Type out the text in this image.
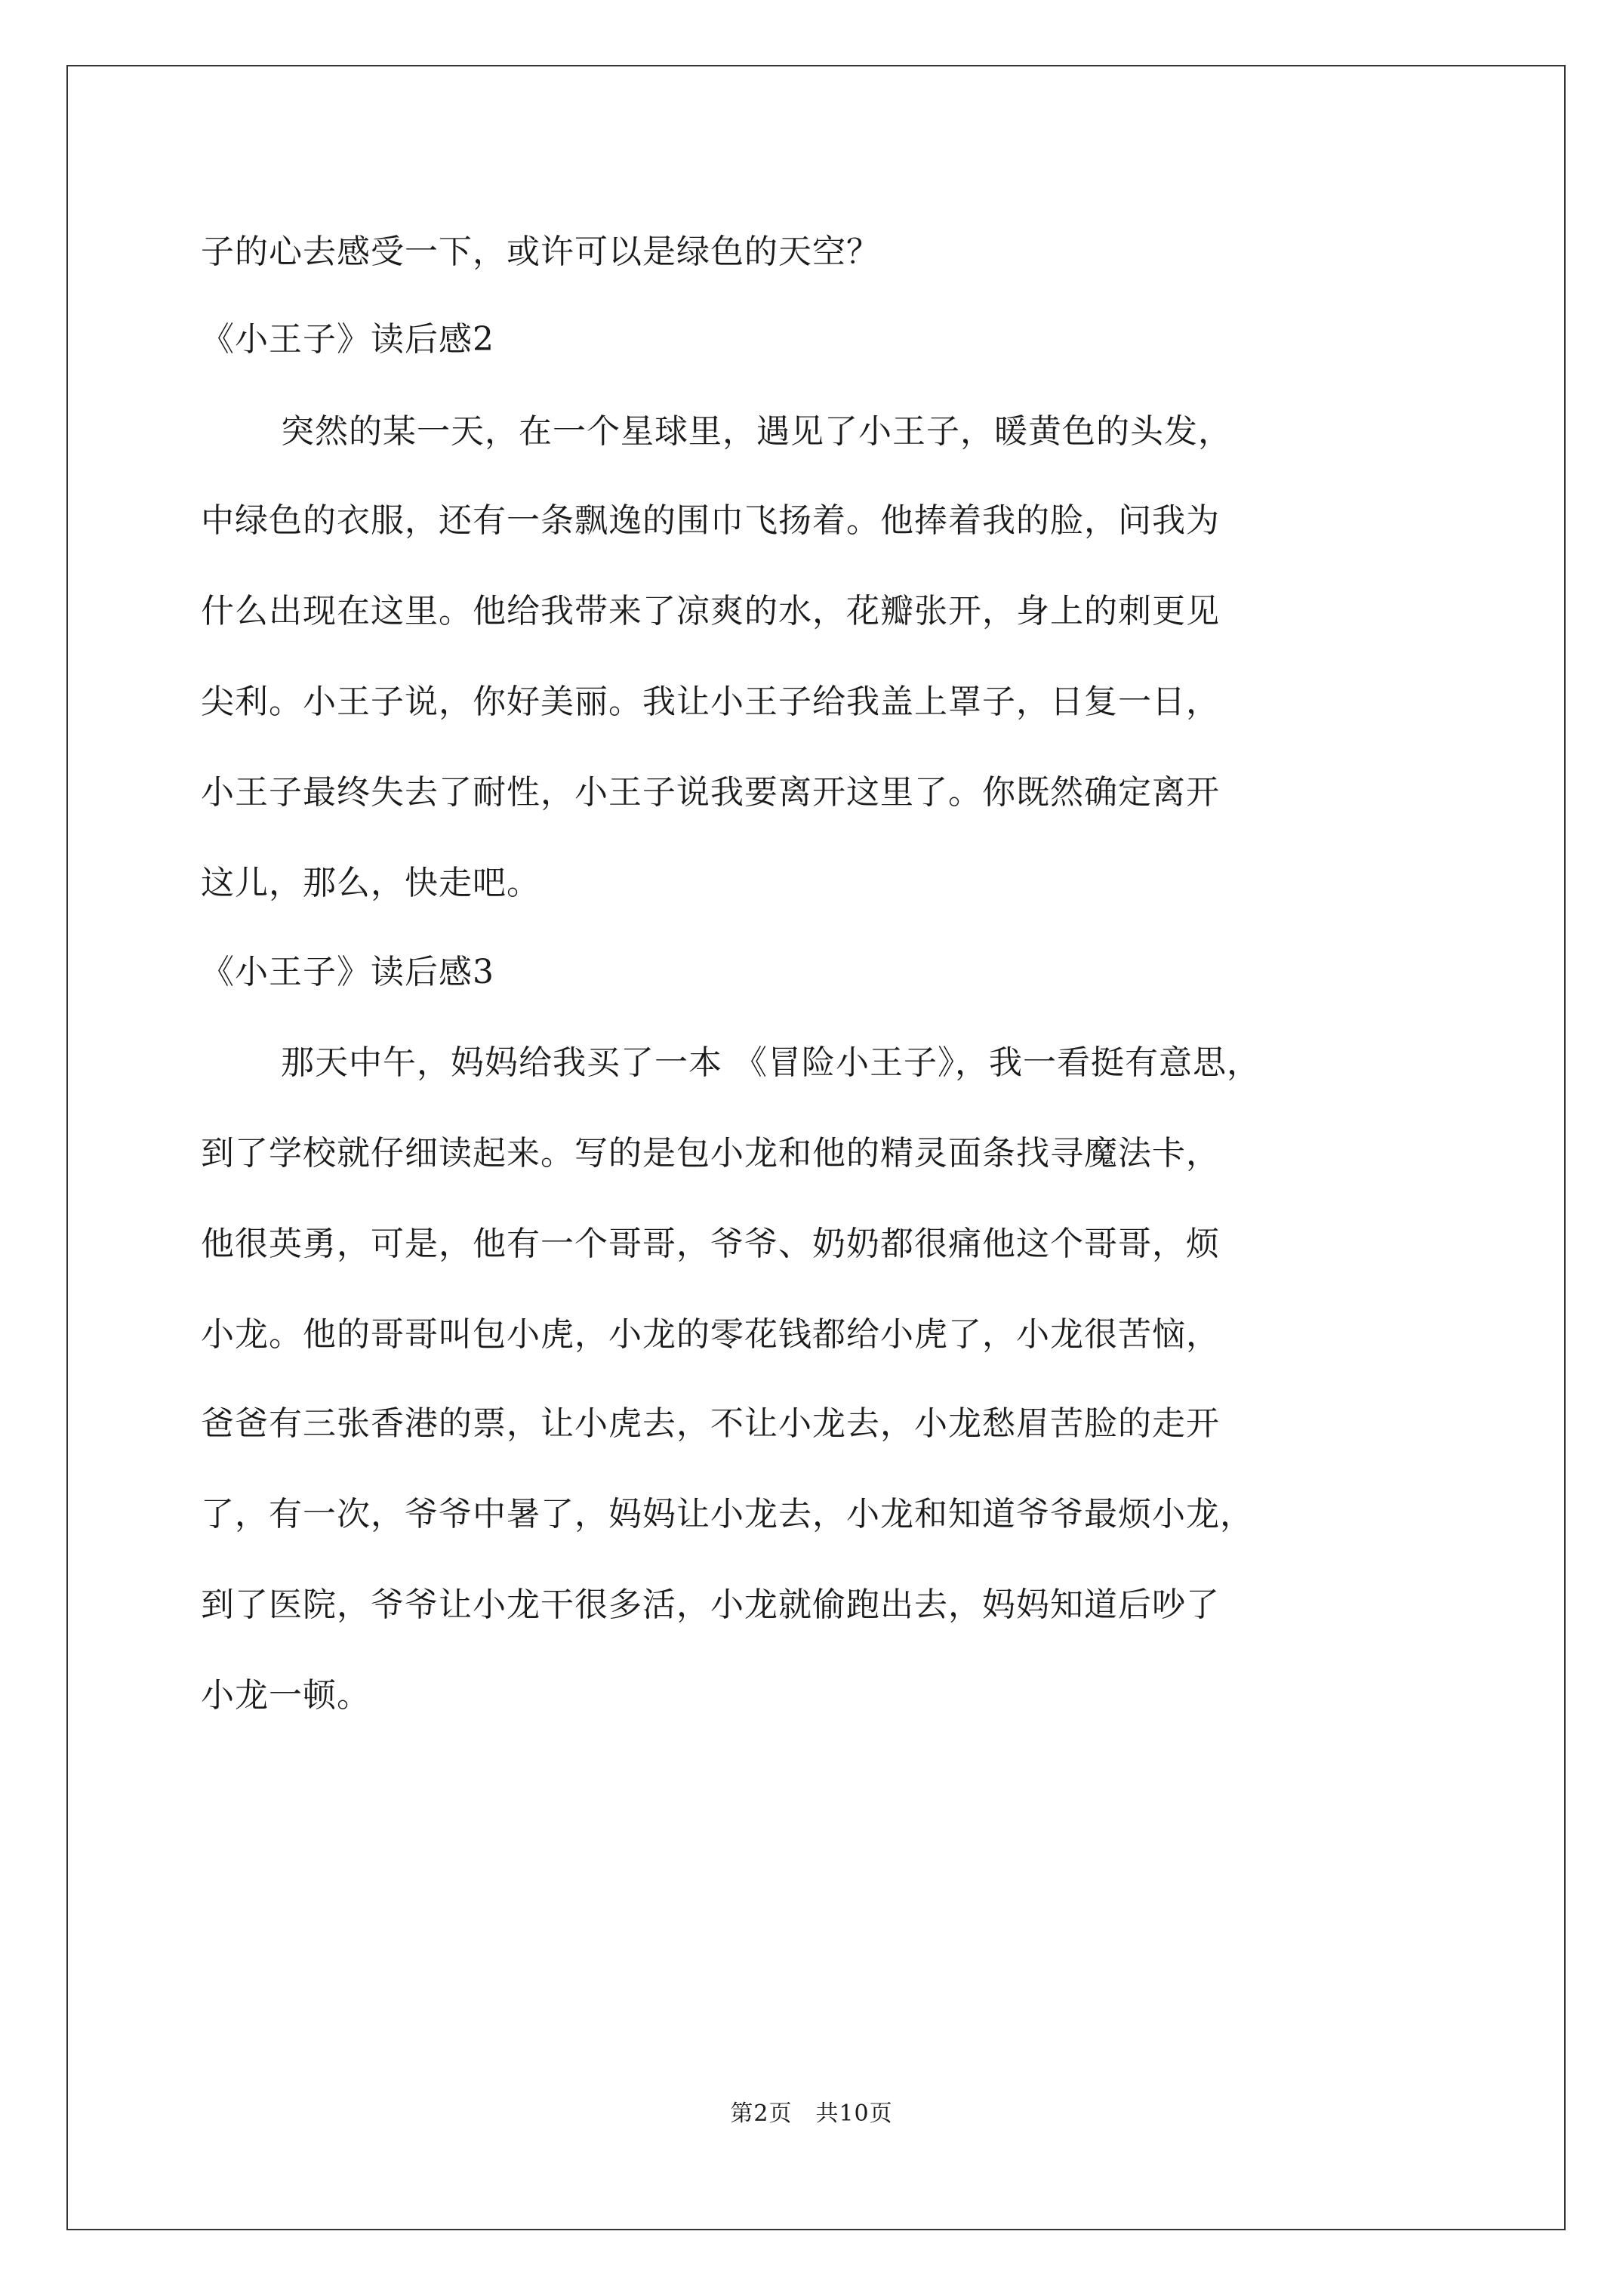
子的心去感受一下，或许可以是绿色的天空？
《小王子》读后感2
突然的某一天，在一个星球里，遇见了小王子，暖黄色的头发，
中绿色的衣服，还有一条飘逸的围巾飞扬着。他捧着我的脸，问我为
什么出现在这里。他给我带来了凉爽的水，花瓣张开，身上的刺更见
尖利。小王子说，你好美丽。我让小王子给我盖上罩子，日复一日，
小王子最终失去了耐性，小王子说我要离开这里了。你既然确定离开
这儿，那么，快走吧。
《小王子》读后感3
那天中午，妈妈给我买了一本 《冒险小王子》，我一看挺有意思，
到了学校就仔细读起来。写的是包小龙和他的精灵面条找寻魔法卡，
他很英勇，可是，他有一个哥哥，爷爷、奶奶都很痛他这个哥哥，烦
小龙。他的哥哥叫包小虎，小龙的零花钱都给小虎了，小龙很苦恼，
爸爸有三张香港的票，让小虎去，不让小龙去，小龙愁眉苦脸的走开
了，有一次，爷爷中暑了，妈妈让小龙去，小龙和知道爷爷最烦小龙，
到了医院，爷爷让小龙干很多活，小龙就偷跑出去，妈妈知道后吵了
小龙一顿。
第2页　共10页
